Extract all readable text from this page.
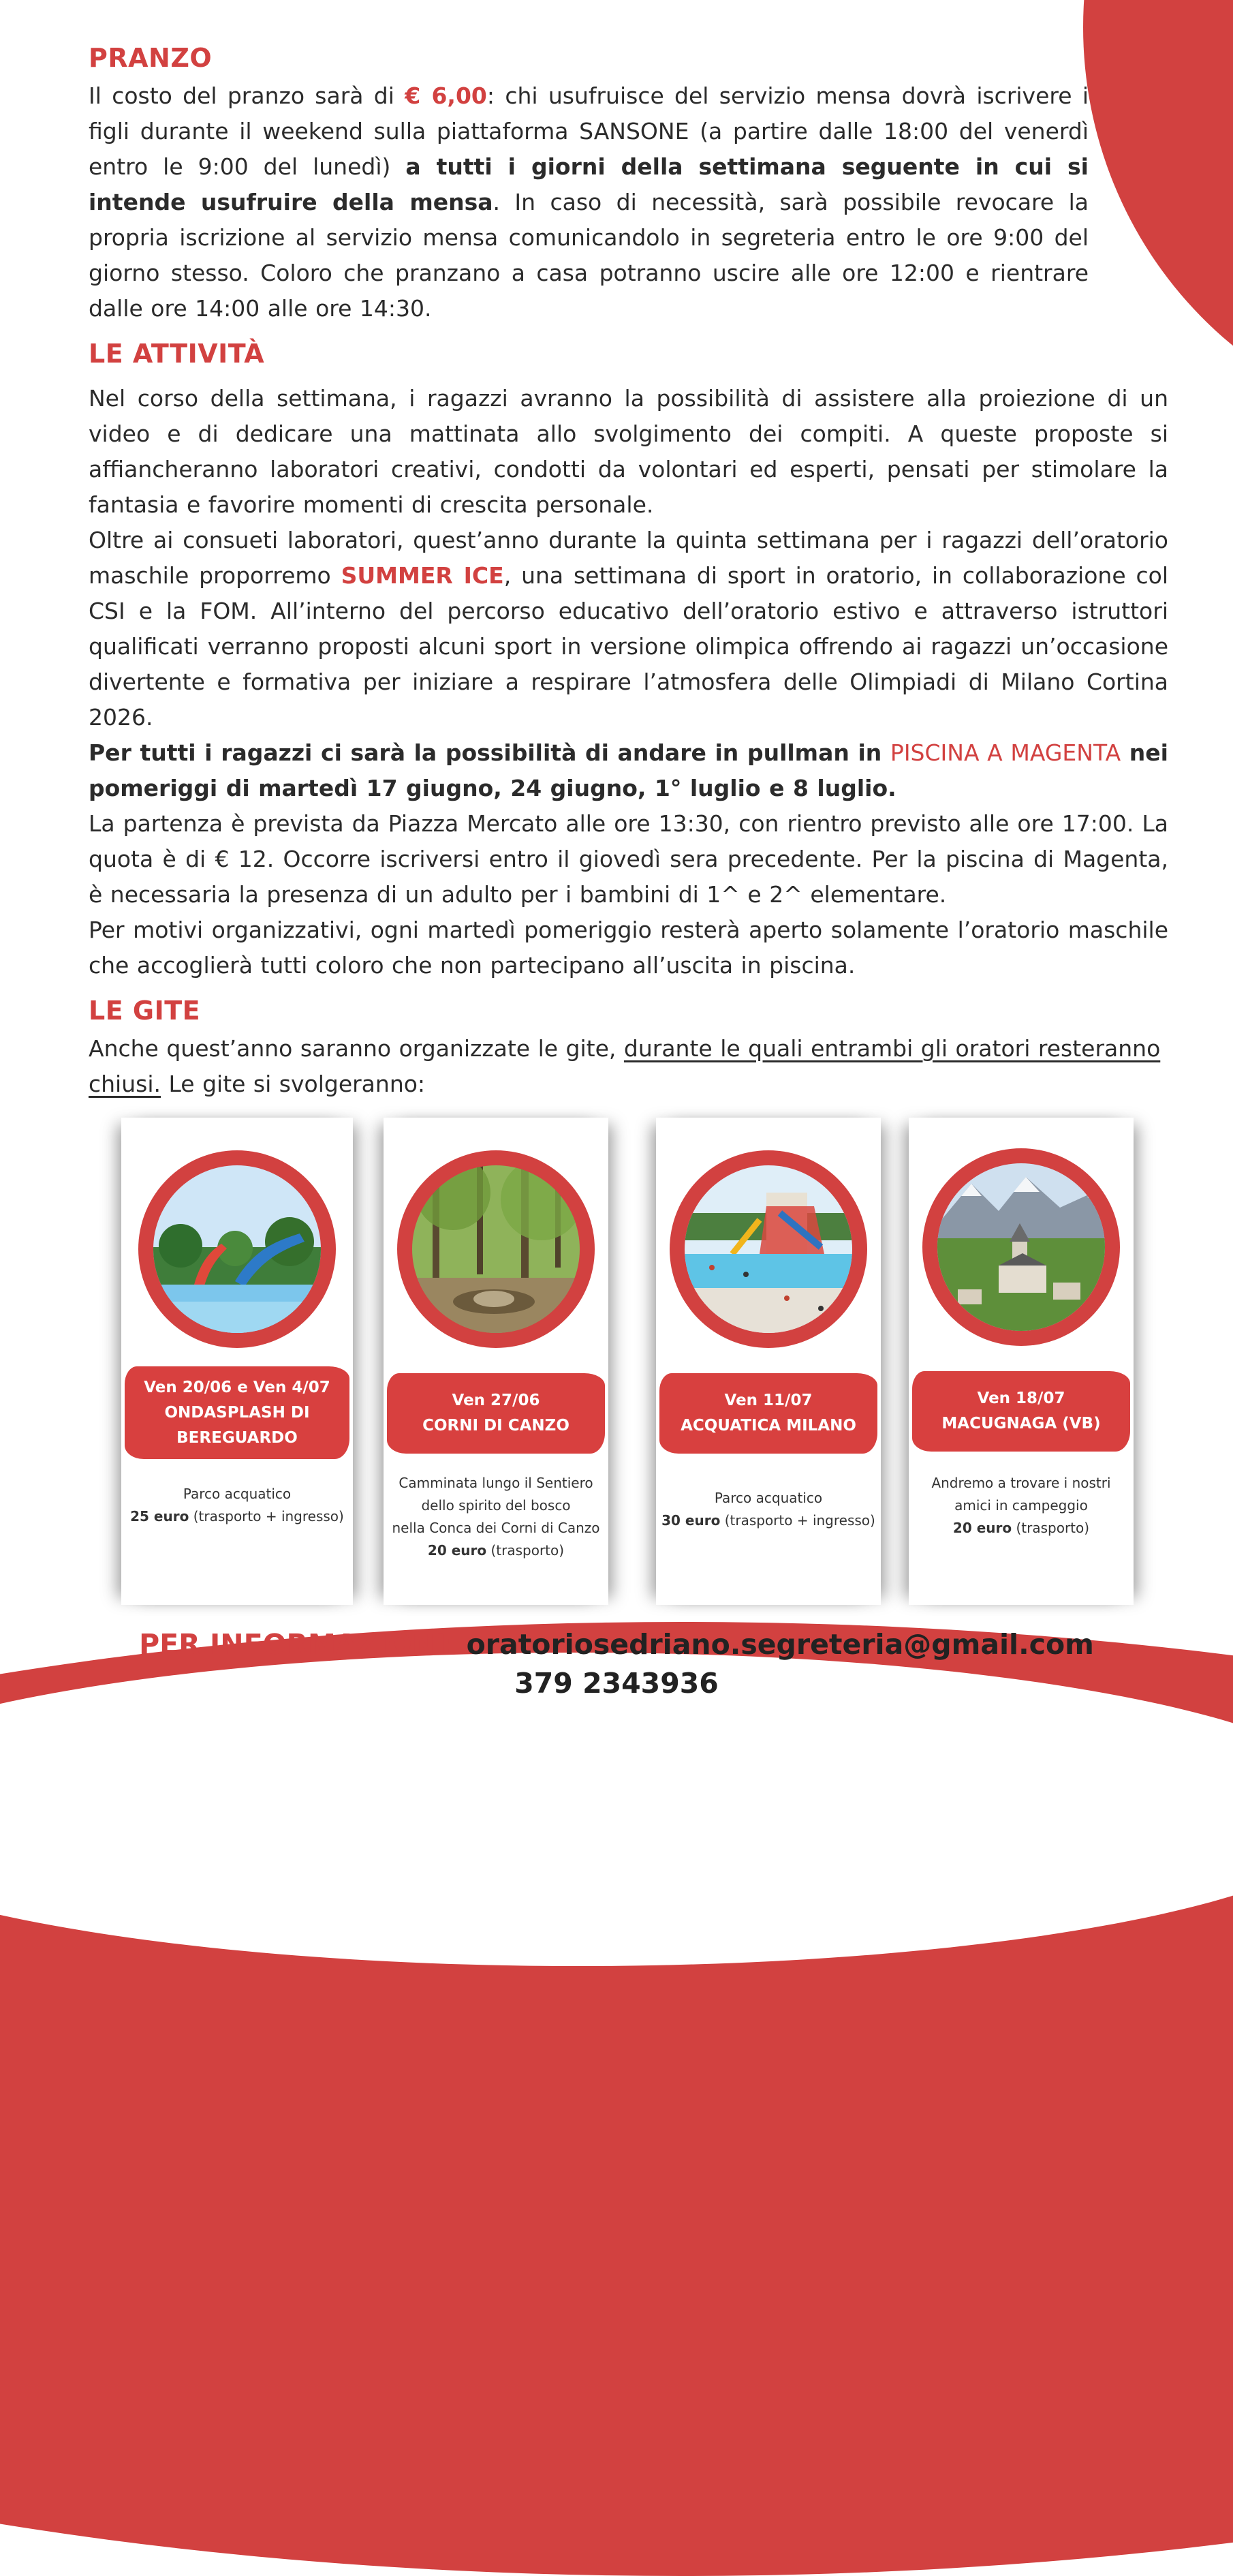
PRANZO

Il costo del pranzo sarà di € 6,00: chi usufruisce del servizio mensa dovrà iscrivere i figli durante il weekend sulla piattaforma SANSONE (a partire dalle 18:00 del venerdì entro le 9:00 del lunedì) a tutti i giorni della settimana seguente in cui si intende usufruire della mensa. In caso di necessità, sarà possibile revocare la propria iscrizione al servizio mensa comunicandolo in segreteria entro le ore 9:00 del giorno stesso. Coloro che pranzano a casa potranno uscire alle ore 12:00 e rientrare dalle ore 14:00 alle ore 14:30.

LE ATTIVITÀ

Nel corso della settimana, i ragazzi avranno la possibilità di assistere alla proiezione di un video e di dedicare una mattinata allo svolgimento dei compiti. A queste proposte si affiancheranno laboratori creativi, condotti da volontari ed esperti, pensati per stimolare la fantasia e favorire momenti di crescita personale.

Oltre ai consueti laboratori, quest’anno durante la quinta settimana per i ragazzi dell’oratorio maschile proporremo SUMMER ICE, una settimana di sport in oratorio, in collaborazione col CSI e la FOM. All’interno del percorso educativo dell’oratorio estivo e attraverso istruttori qualificati verranno proposti alcuni sport in versione olimpica offrendo ai ragazzi un’occasione divertente e formativa per iniziare a respirare l’atmosfera delle Olimpiadi di Milano Cortina 2026.

Per tutti i ragazzi ci sarà la possibilità di andare in pullman in PISCINA A MAGENTA nei pomeriggi di martedì 17 giugno, 24 giugno, 1° luglio e 8 luglio.

La partenza è prevista da Piazza Mercato alle ore 13:30, con rientro previsto alle ore 17:00. La quota è di € 12. Occorre iscriversi entro il giovedì sera precedente. Per la piscina di Magenta, è necessaria la presenza di un adulto per i bambini di 1^ e 2^ elementare.

Per motivi organizzativi, ogni martedì pomeriggio resterà aperto solamente l’oratorio maschile che accoglierà tutti coloro che non partecipano all’uscita in piscina.

LE GITE

Anche quest’anno saranno organizzate le gite, durante le quali entrambi gli oratori resteranno chiusi. Le gite si svolgeranno:

Ven 20/06 e Ven 4/07
ONDASPLASH DI
BEREGUARDO
Parco acquatico
25 euro (trasporto + ingresso)
Ven 27/06
CORNI DI CANZO
Camminata lungo il Sentiero
dello spirito del bosco
nella Conca dei Corni di Canzo
20 euro (trasporto)
Ven 11/07
ACQUATICA MILANO
Parco acquatico
30 euro (trasporto + ingresso)
Ven 18/07
MACUGNAGA (VB)
Andremo a trovare i nostri
amici in campeggio
20 euro (trasporto)
PER INFORMAZIONI: oratoriosedriano.segreteria@gmail.com
379 2343936
